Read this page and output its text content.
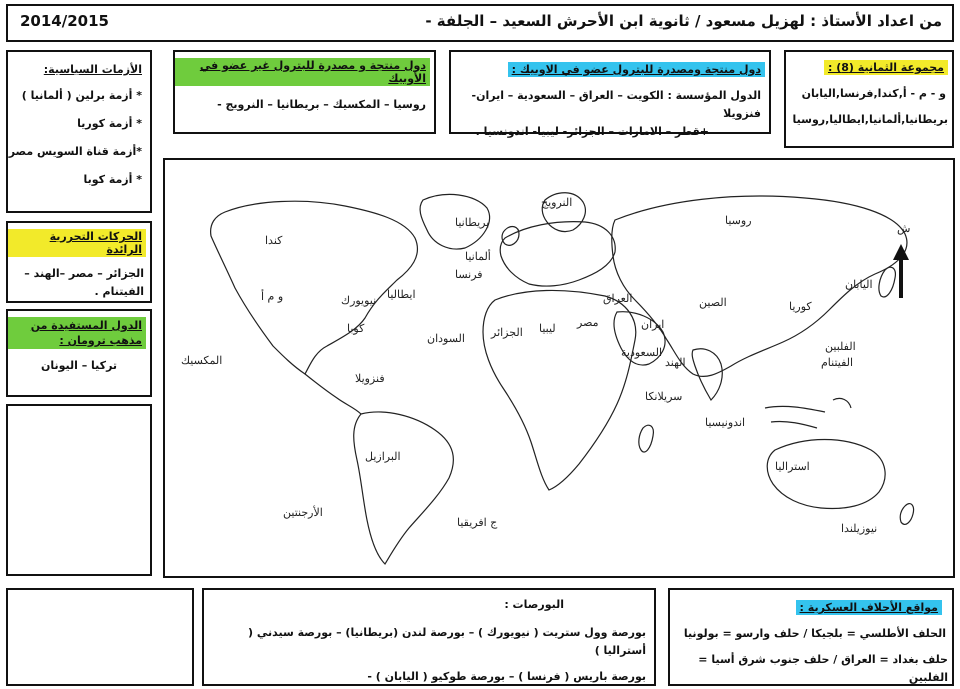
2014/2015	من اعداد الأستاذ : لهزيل مسعود / ثانوية ابن الأحرش السعيد – الجلفة -
مجموعة الثمانية (8) :
و - م - أ,كندا,فرنسا,اليابان
بريطانيا,ألمانيا,ايطاليا,روسيا
دول منتجة ومصدرة للبترول عضو في الاوبيك :
الدول المؤسسة : الكويت – العراق – السعودية – ايران- فنزويلا
+قطر – الامارات – الجزائر- ليبيا- اندونسيا .
دول منتجة و مصدرة للبترول غير عضو في الأوبيك
روسيا – المكسيك – بريطانيا – النرويج -
الأزمات السياسية:
* أزمة برلين ( ألمانيا )
* أزمة كوريا
*أزمة قناة السويس مصر
* أزمة كوبا
الحركات التحررية الرائدة
الجزائر – مصر –الهند –
الفيتنام .
الدول المستفيدة من مذهب ترومان :
تركيا – اليونان
ش
روسيا
النرويج
بريطانيا
ألمانيا
فرنسا
ايطاليا
كندا
و م أ
المكسيك
كوبا
نيويورك
فنزويلا
البرازيل
الأرجنتين
الجزائر ليبيا مصر
السودان
السعودية
العراق
ايران
الهند
الصين	كوريا
اليابان
الفيتنام
الفلبين
اندونيسيا
استراليا
نيوزيلندا
ج افريقيا
سريلانكا
البورصات :
بورصة وول ستريت ( نيويورك ) – بورصة لندن (بريطانيا) – بورصة سيدني ( أستراليا )
بورصة باريس ( فرنسا ) – بورصة طوكيو ( اليابان ) -
مواقع الأحلاف العسكرية :
الحلف الأطلسي = بلجيكا / حلف وارسو = بولونيا
حلف بغداد = العراق / حلف جنوب شرق أسيا = الفلبين
